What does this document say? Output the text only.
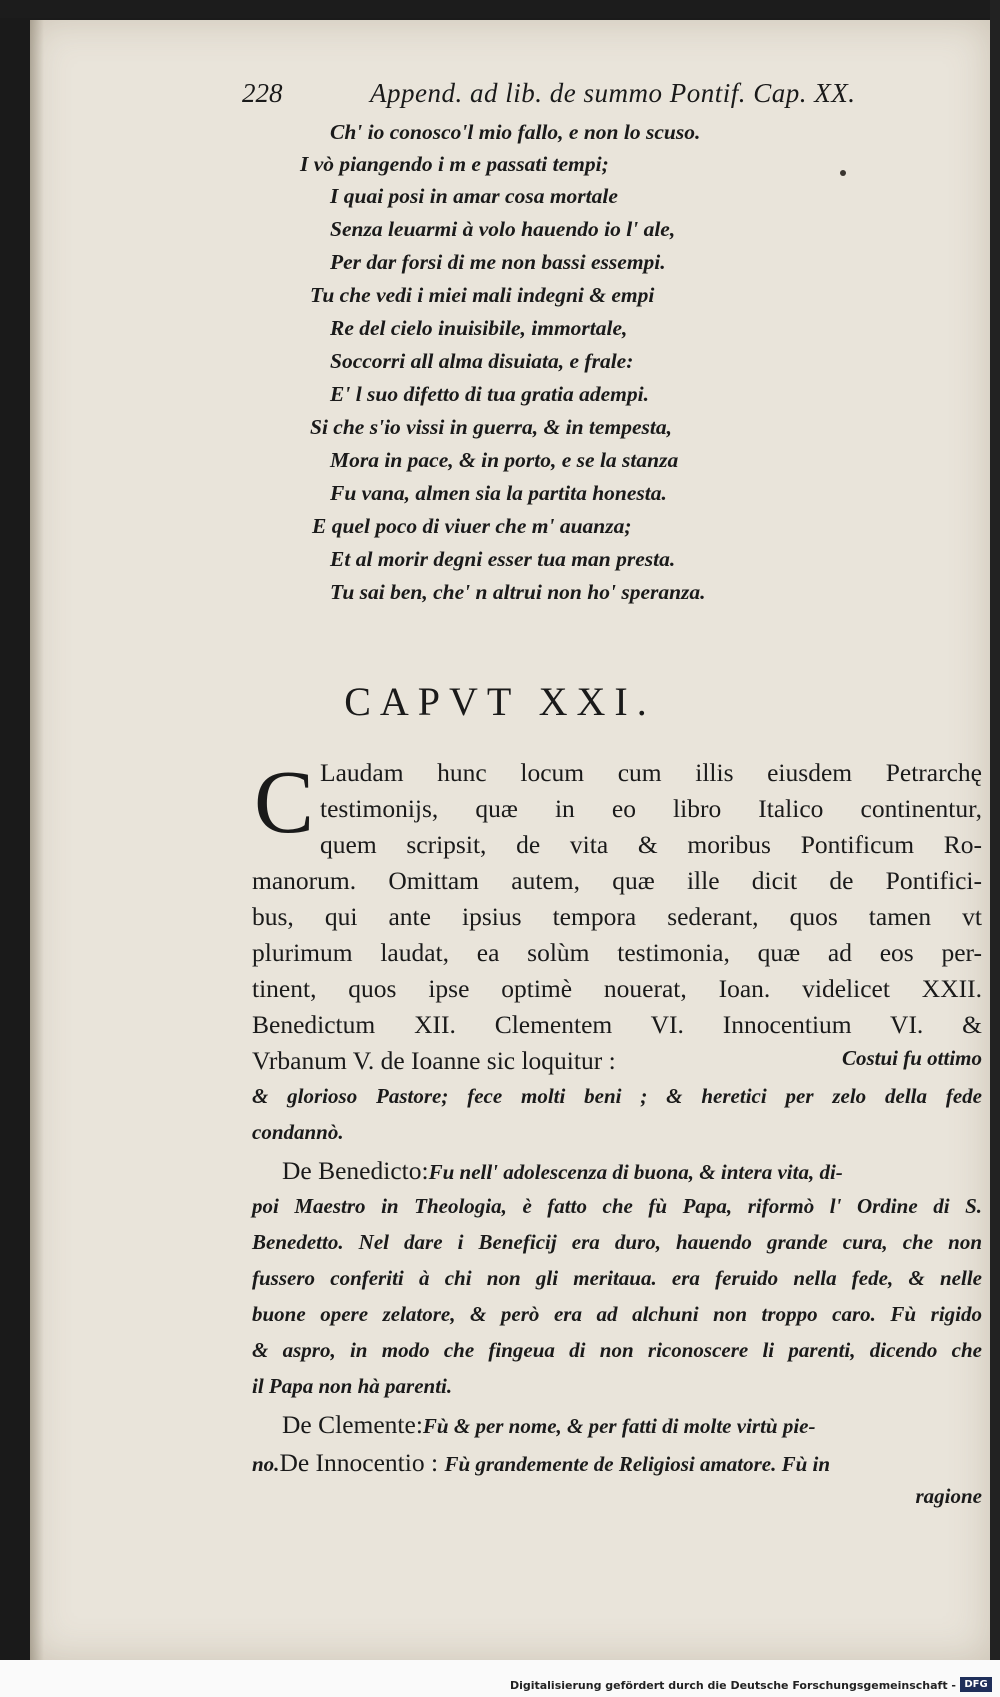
228	Append. ad lib. de summo Pontif. Cap. XX.
Ch' io conosco'l mio fallo, e non lo scuso.
I vò piangendo i m e passati tempi;
I quai posi in amar cosa mortale
Senza leuarmi à volo hauendo io l' ale,
Per dar forsi di me non bassi essempi.
Tu che vedi i miei mali indegni & empi
Re del cielo inuisibile, immortale,
Soccorri all alma disuiata, e frale:
E' l suo difetto di tua gratia adempi.
Si che s'io vissi in guerra, & in tempesta,
Mora in pace, & in porto, e se la stanza
Fu vana, almen sia la partita honesta.
E quel poco di viuer che m' auanza;
Et al morir degni esser tua man presta.
Tu sai ben, che' n altrui non ho' speranza.
CAPVT XXI.
C Laudam hunc locum cum illis eiusdem Petrarchę
testimonijs, quæ in eo libro Italico continentur,
quem scripsit, de vita & moribus Pontificum Ro-
manorum. Omittam autem, quæ ille dicit de Pontifici-
bus, qui ante ipsius tempora sederant, quos tamen vt
plurimum laudat, ea solùm testimonia, quæ ad eos per-
tinent, quos ipse optimè nouerat, Ioan. videlicet XXII.
Benedictum XII. Clementem VI. Innocentium VI. &
Vrbanum V. de Ioanne sic loquitur :	Costui fu ottimo
& glorioso Pastore; fece molti beni ; & heretici per zelo della fede
condannò.
De Benedicto:Fu nell' adolescenza di buona, & intera vita, di-
poi Maestro in Theologia, è fatto che fù Papa, riformò l' Ordine di S.
Benedetto. Nel dare i Beneficij era duro, hauendo grande cura, che non
fussero conferiti à chi non gli meritaua. era feruido nella fede, & nelle
buone opere zelatore, & però era ad alchuni non troppo caro. Fù rigido
& aspro, in modo che fingeua di non riconoscere li parenti, dicendo che
il Papa non hà parenti.
De Clemente:Fù & per nome, & per fatti di molte virtù pie-
no.De Innocentio : Fù grandemente de Religiosi amatore. Fù in
ragione
Digitalisierung gefördert durch die Deutsche Forschungsgemeinschaft - DFG
